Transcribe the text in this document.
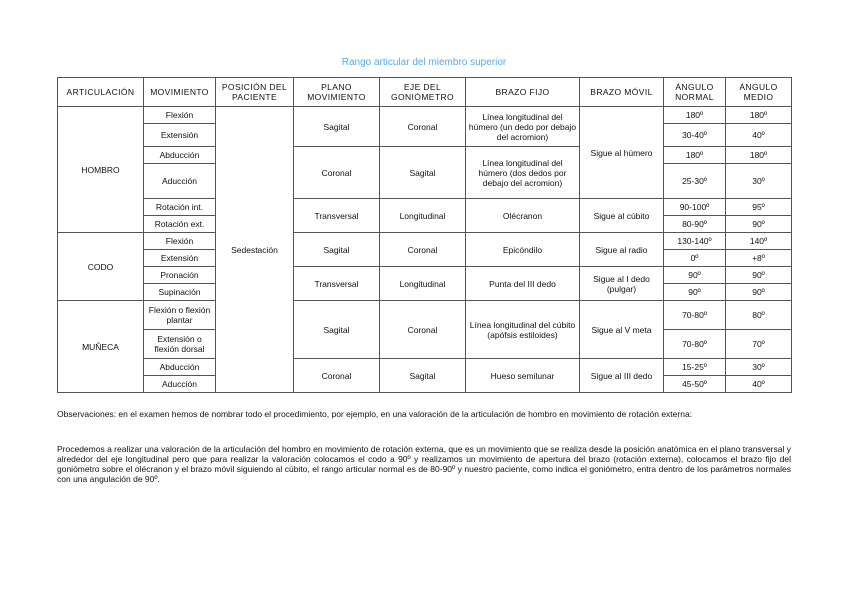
Rango articular del miembro superior
ARTICULACIÓN	MOVIMIENTO	POSICIÓN DEL PACIENTE	PLANO MOVIMIENTO	EJE DEL GONIÓMETRO	BRAZO FIJO	BRAZO MÓVIL	ÁNGULO NORMAL	ÁNGULO MEDIO
HOMBRO	Flexión	Sedestación	Sagital	Coronal	Línea longitudinal del húmero (un dedo por debajo del acromion)	Sigue al húmero	180º	180º
	Extensión						30-40º	40º
	Abducción		Coronal	Sagital	Línea longitudinal del húmero (dos dedos por debajo del acromion)		180º	180º
	Aducción						25-30º	30º
	Rotación int.		Transversal	Longitudinal	Olécranon	Sigue al cúbito	90-100º	95º
	Rotación ext.						80-90º	90º
CODO	Flexión		Sagital	Coronal	Epicóndilo	Sigue al radio	130-140º	140º
	Extensión						0º	+8º
	Pronación		Transversal	Longitudinal	Punta del III dedo	Sigue al I dedo (pulgar)	90º	90º
	Supinación						90º	90º
MUÑECA	Flexión o flexión plantar		Sagital	Coronal	Línea longitudinal del cúbito (apófsis estiloides)	Sigue al V meta	70-80º	80º
	Extensión o flexión dorsal						70-80º	70º
	Abducción		Coronal	Sagital	Hueso semilunar	Sigue al III dedo	15-25º	30º
	Aducción						45-50º	40º

Observaciones: en el examen hemos de nombrar todo el procedimiento, por ejemplo, en una valoración de la articulación de hombro en movimiento de rotación externa:

Procedemos a realizar una valoración de la articulación del hombro en movimiento de rotación externa, que es un movimiento que se realiza desde la posición anatómica en el plano transversal y alrededor del eje longitudinal pero que para realizar la valoración colocamos el codo a 90º y realizamos un movimiento de apertura del brazo (rotación externa), colocamos el brazo fijo del goniómetro sobre el olécranon y el brazo móvil siguiendo al cúbito, el rango articular normal es de 80-90º y nuestro paciente, como indica el goniómetro, entra dentro de los parámetros normales con una angulación de 90º.
